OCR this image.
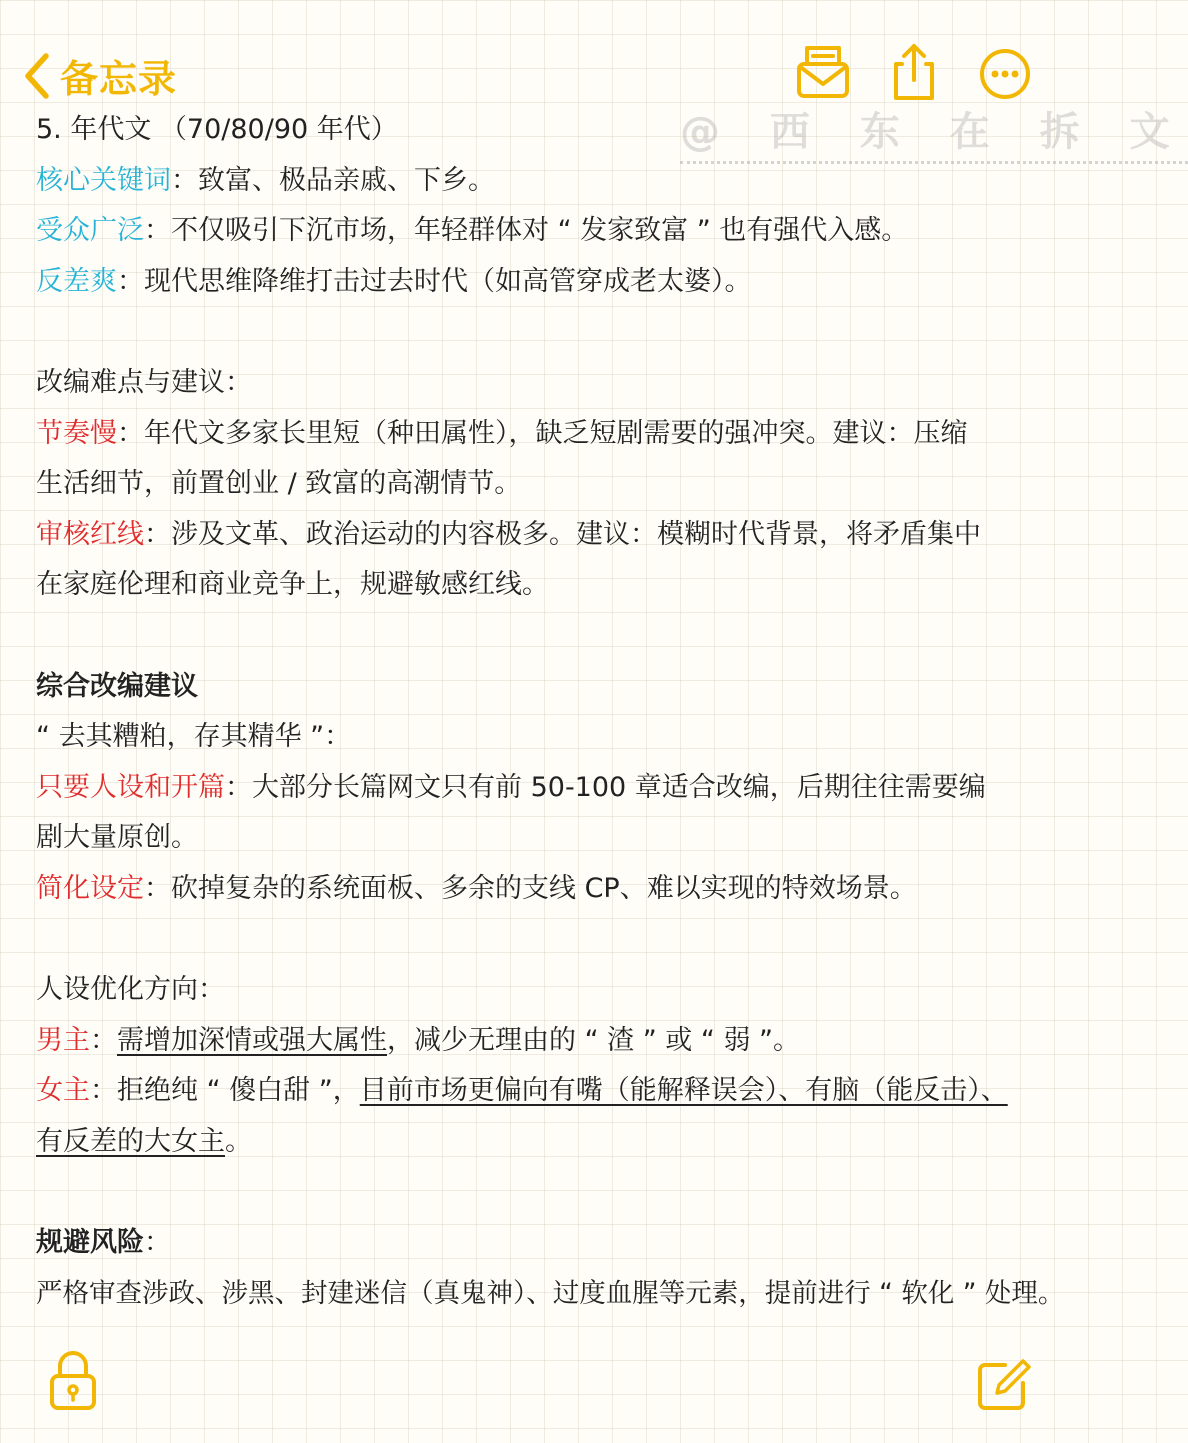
备忘录
@ 西 东 在 拆 文
5. 年代文 （70/80/90 年代）
核心关键词：致富、极品亲戚、下乡。
受众广泛：不仅吸引下沉市场，年轻群体对 “ 发家致富 ” 也有强代入感。
反差爽：现代思维降维打击过去时代（如高管穿成老太婆）。
改编难点与建议：
节奏慢：年代文多家长里短（种田属性），缺乏短剧需要的强冲突。建议：压缩
生活细节，前置创业 / 致富的高潮情节。
审核红线：涉及文革、政治运动的内容极多。建议：模糊时代背景，将矛盾集中
在家庭伦理和商业竞争上，规避敏感红线。
综合改编建议
“ 去其糟粕，存其精华 ”：
只要人设和开篇：大部分长篇网文只有前 50-100 章适合改编，后期往往需要编
剧大量原创。
简化设定：砍掉复杂的系统面板、多余的支线 CP、难以实现的特效场景。
人设优化方向：
男主：需增加深情或强大属性，减少无理由的 “ 渣 ” 或 “ 弱 ”。
女主：拒绝纯 “ 傻白甜 ”，目前市场更偏向有嘴（能解释误会）、有脑（能反击）、
有反差的大女主。
规避风险：
严格审查涉政、涉黑、封建迷信（真鬼神）、过度血腥等元素，提前进行 “ 软化 ” 处理。
